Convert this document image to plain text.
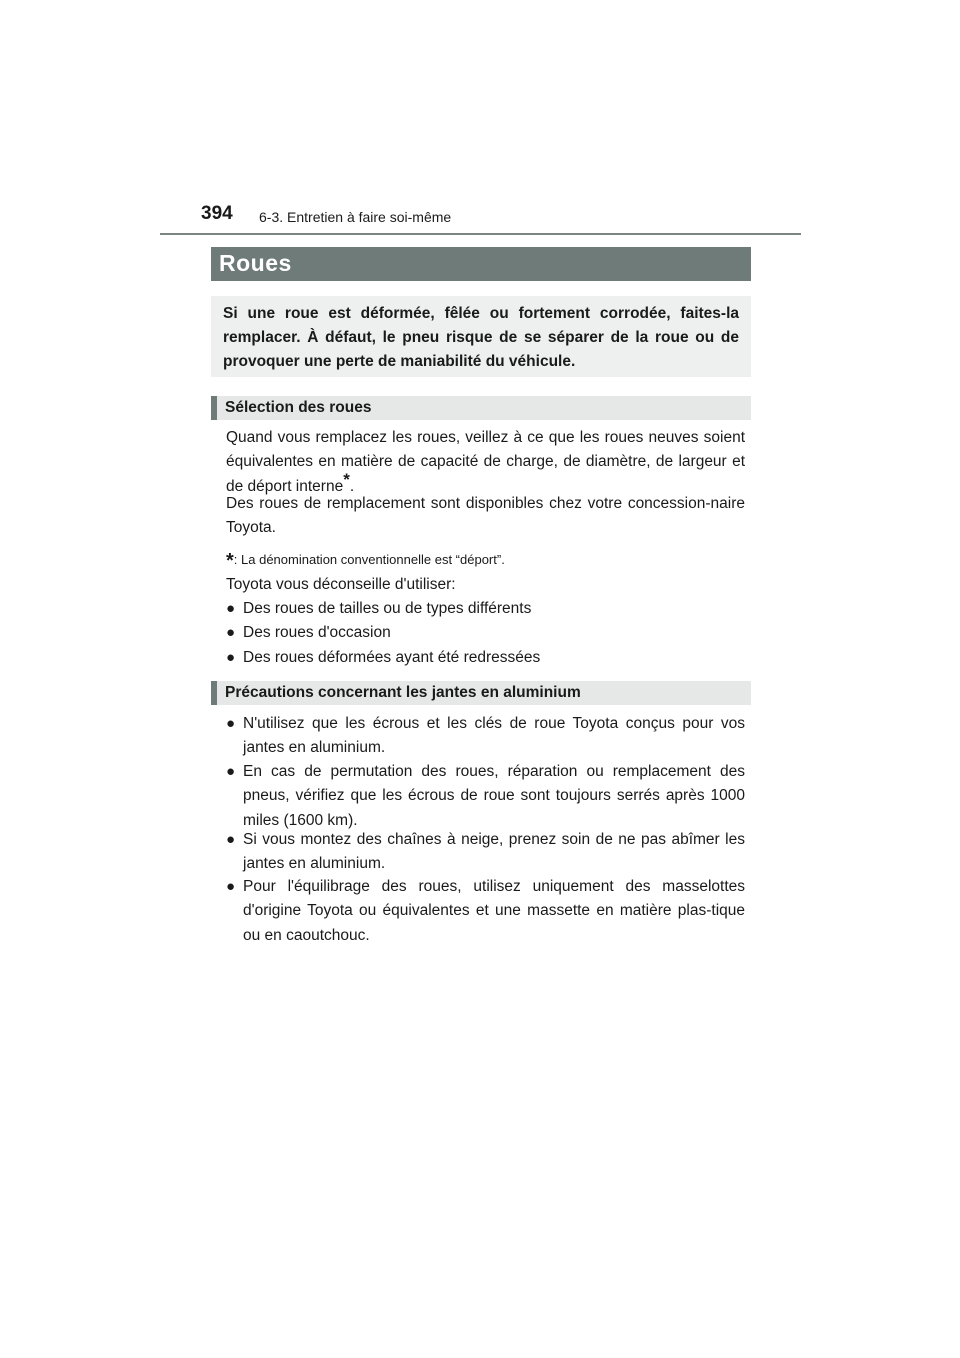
394 6-3. Entretien à faire soi-même
Roues

Si une roue est déformée, fêlée ou fortement corrodée, faites-la remplacer. À défaut, le pneu risque de se séparer de la roue ou de provoquer une perte de maniabilité du véhicule.

Sélection des roues

Quand vous remplacez les roues, veillez à ce que les roues neuves soient équivalentes en matière de capacité de charge, de diamètre, de largeur et de déport interne*.

Des roues de remplacement sont disponibles chez votre concession-naire Toyota.

*: La dénomination conventionnelle est “déport”.

Toyota vous déconseille d'utiliser:

● Des roues de tailles ou de types différents
● Des roues d'occasion
● Des roues déformées ayant été redressées
Précautions concernant les jantes en aluminium
● N'utilisez que les écrous et les clés de roue Toyota conçus pour vos jantes en aluminium.
● En cas de permutation des roues, réparation ou remplacement des pneus, vérifiez que les écrous de roue sont toujours serrés après 1000 miles (1600 km).
● Si vous montez des chaînes à neige, prenez soin de ne pas abîmer les jantes en aluminium.
● Pour l'équilibrage des roues, utilisez uniquement des masselottes d'origine Toyota ou équivalentes et une massette en matière plas-tique ou en caoutchouc.
